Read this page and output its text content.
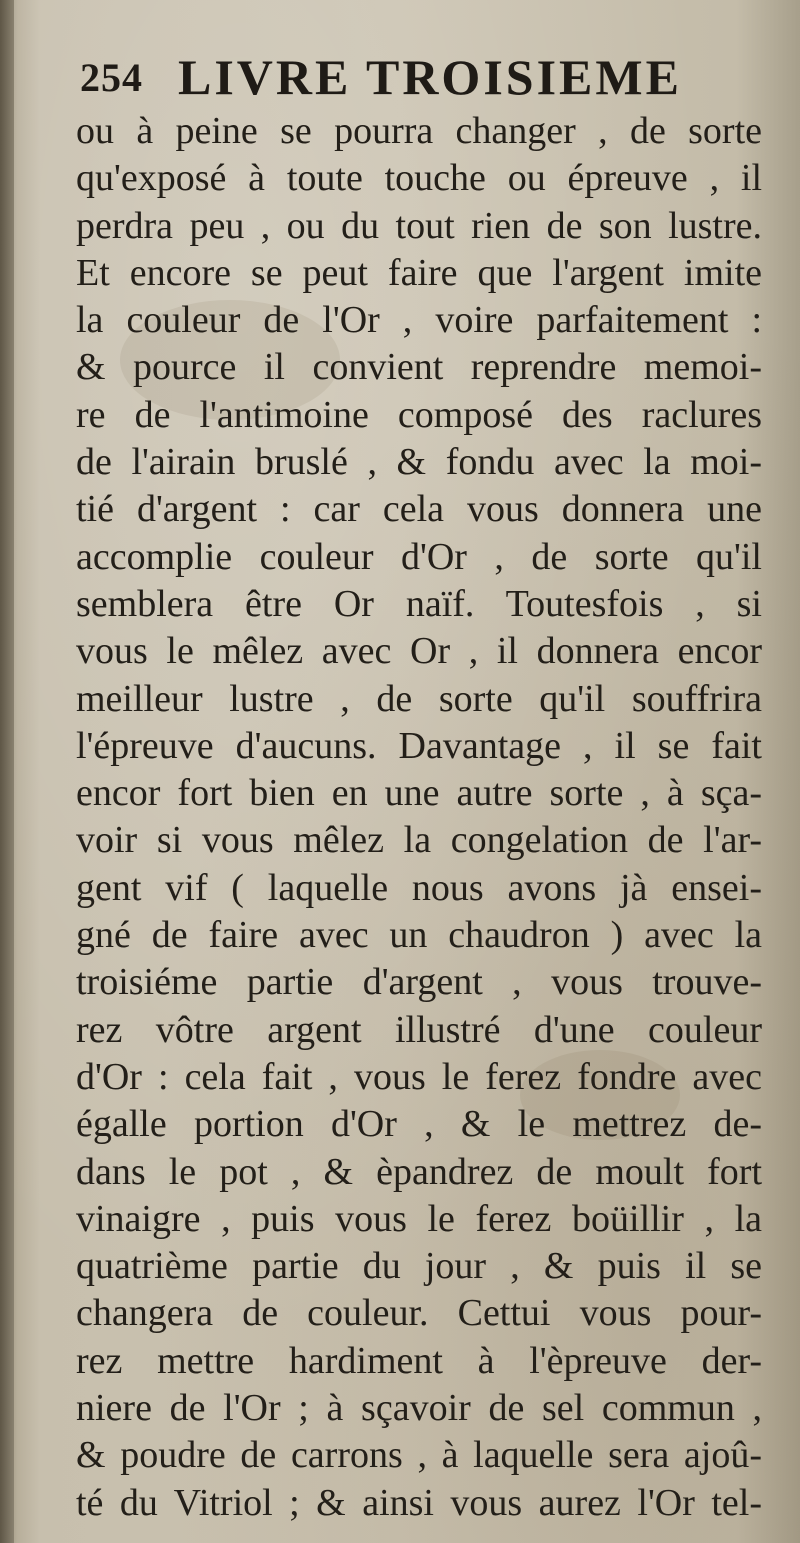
254 LIVRE TROISIEME
ou à peine se pourra changer , de sorte
qu'exposé à toute touche ou épreuve , il
perdra peu , ou du tout rien de son lustre.
Et encore se peut faire que l'argent imite
la couleur de l'Or , voire parfaitement :
& pource il convient reprendre memoi-
re de l'antimoine composé des raclures
de l'airain bruslé , & fondu avec la moi-
tié d'argent : car cela vous donnera une
accomplie couleur d'Or , de sorte qu'il
semblera être Or naïf. Toutesfois , si
vous le mêlez avec Or , il donnera encor
meilleur lustre , de sorte qu'il souffrira
l'épreuve d'aucuns. Davantage , il se fait
encor fort bien en une autre sorte , à sça-
voir si vous mêlez la congelation de l'ar-
gent vif ( laquelle nous avons jà ensei-
gné de faire avec un chaudron ) avec la
troisiéme partie d'argent , vous trouve-
rez vôtre argent illustré d'une couleur
d'Or : cela fait , vous le ferez fondre avec
égalle portion d'Or , & le mettrez de-
dans le pot , & èpandrez de moult fort
vinaigre , puis vous le ferez boüillir , la
quatrième partie du jour , & puis il se
changera de couleur. Cettui vous pour-
rez mettre hardiment à l'èpreuve der-
niere de l'Or ; à sçavoir de sel commun ,
& poudre de carrons , à laquelle sera ajoû-
té du Vitriol ; & ainsi vous aurez l'Or tel-
